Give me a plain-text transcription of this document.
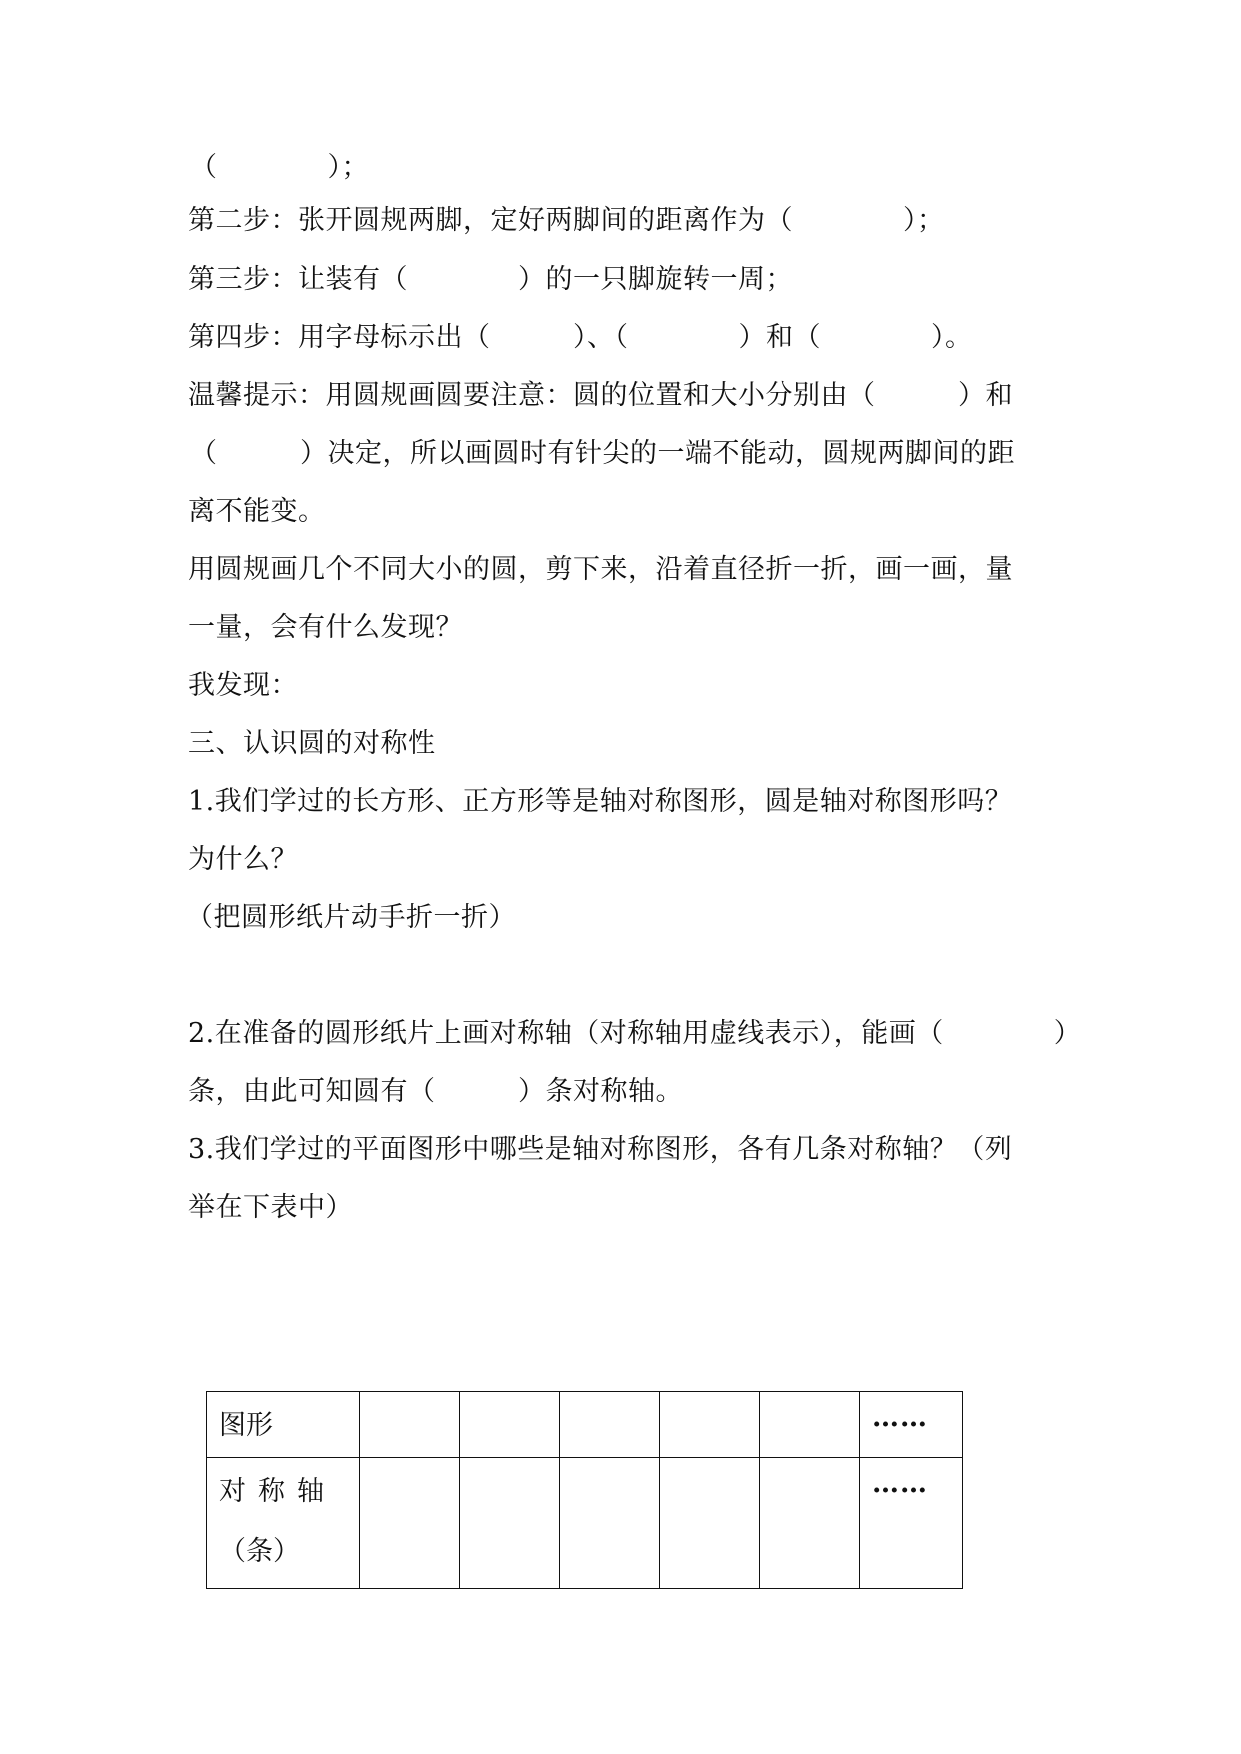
（　　　　）；
第二步：张开圆规两脚，定好两脚间的距离作为（　　　　）；
第三步：让装有（　　　　）的一只脚旋转一周；
第四步：用字母标示出（　　　）、（　　　　）和（　　　　）。
温馨提示：用圆规画圆要注意：圆的位置和大小分别由（　　　）和
（　　　）决定，所以画圆时有针尖的一端不能动，圆规两脚间的距
离不能变。
用圆规画几个不同大小的圆，剪下来，沿着直径折一折，画一画，量
一量，会有什么发现？
我发现：
三、认识圆的对称性
1.我们学过的长方形、正方形等是轴对称图形，圆是轴对称图形吗？
为什么？
（把圆形纸片动手折一折）
2.在准备的圆形纸片上画对称轴（对称轴用虚线表示），能画（　　　　）
条，由此可知圆有（　　　）条对称轴。
3.我们学过的平面图形中哪些是轴对称图形，各有几条对称轴？（列
举在下表中）
图形						……

对称轴
（条）						……
